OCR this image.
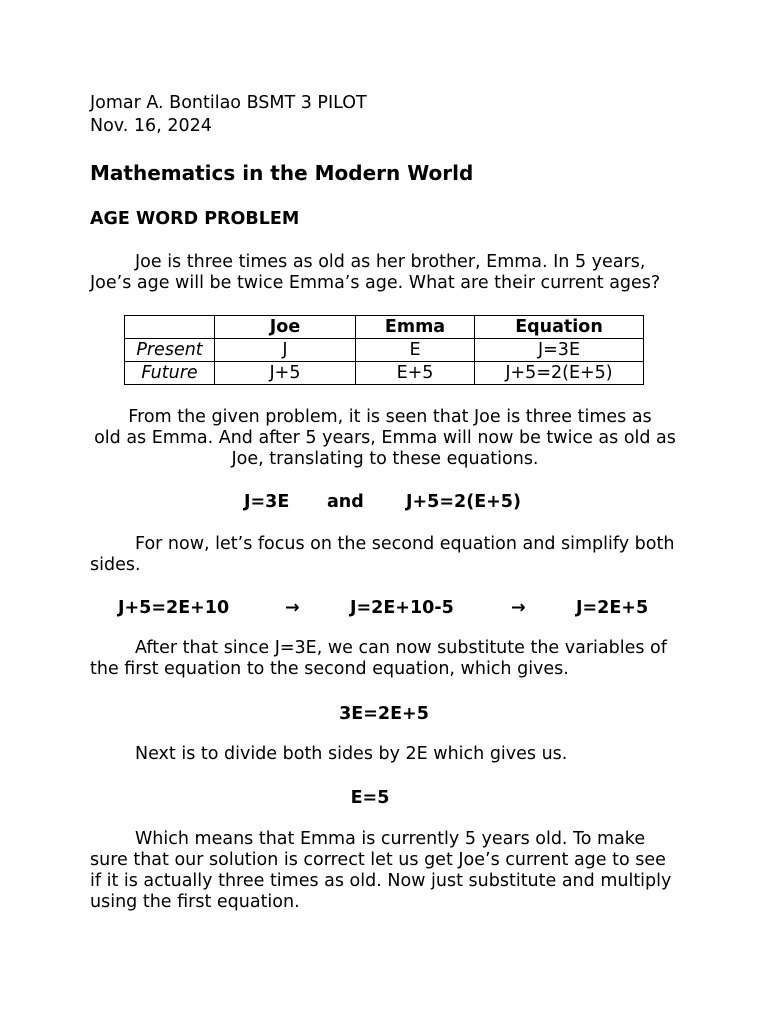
Jomar A. Bontilao BSMT 3 PILOT
Nov. 16, 2024
Mathematics in the Modern World
AGE WORD PROBLEM
Joe is three times as old as her brother, Emma. In 5 years,
Joe’s age will be twice Emma’s age. What are their current ages?
	Joe	Emma	Equation
Present	J	E	J=3E
Future	J+5	E+5	J+5=2(E+5)
From the given problem, it is seen that Joe is three times as
old as Emma. And after 5 years, Emma will now be twice as old as
Joe, translating to these equations.
J=3E and J+5=2(E+5)
For now, let’s focus on the second equation and simplify both
sides.
J+5=2E+10	→	J=2E+10-5	→	J=2E+5
After that since J=3E, we can now substitute the variables of
the first equation to the second equation, which gives.
3E=2E+5
Next is to divide both sides by 2E which gives us.
E=5
Which means that Emma is currently 5 years old. To make
sure that our solution is correct let us get Joe’s current age to see
if it is actually three times as old. Now just substitute and multiply
using the first equation.
